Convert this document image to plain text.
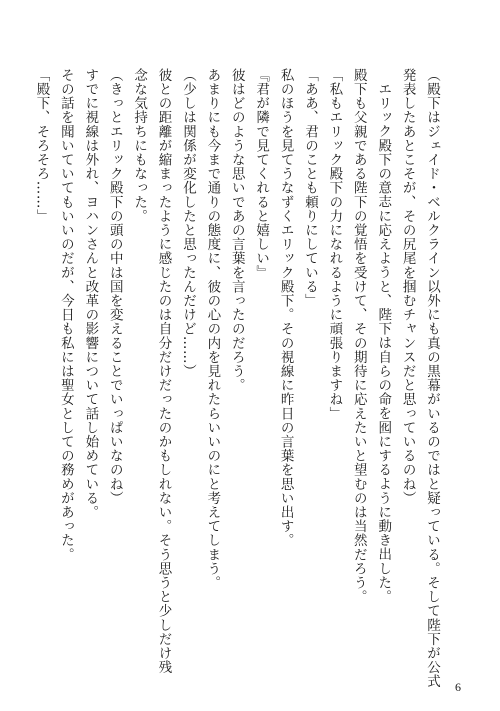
（殿下はジェイド・ベルクライン以外にも真の黒幕がいるのではと疑っている。そして陛下が公式
発表したあとこそが、その尻尾を掴むチャンスだと思っているのね）
エリック殿下の意志に応えようと、陛下は自らの命を囮にするように動き出した。
殿下も父親である陛下の覚悟を受けて、その期待に応えたいと望むのは当然だろう。
「私もエリック殿下の力になれるように頑張りますね」
「ああ、君のことも頼りにしている」
私のほうを見てうなずくエリック殿下。その視線に昨日の言葉を思い出す。
『君が隣で見てくれると嬉しい』
彼はどのような思いであの言葉を言ったのだろう。
あまりにも今まで通りの態度に、彼の心の内を見れたらいいのにと考えてしまう。
（少しは関係が変化したと思ったんだけど……）
彼との距離が縮まったように感じたのは自分だけだったのかもしれない。そう思うと少しだけ残
念な気持ちにもなった。
（きっとエリック殿下の頭の中は国を変えることでいっぱいなのね）
すでに視線は外れ、ヨハンさんと改革の影響について話し始めている。
その話を聞いていてもいいのだが、今日も私には聖女としての務めがあった。
「殿下、そろそろ……」
6
